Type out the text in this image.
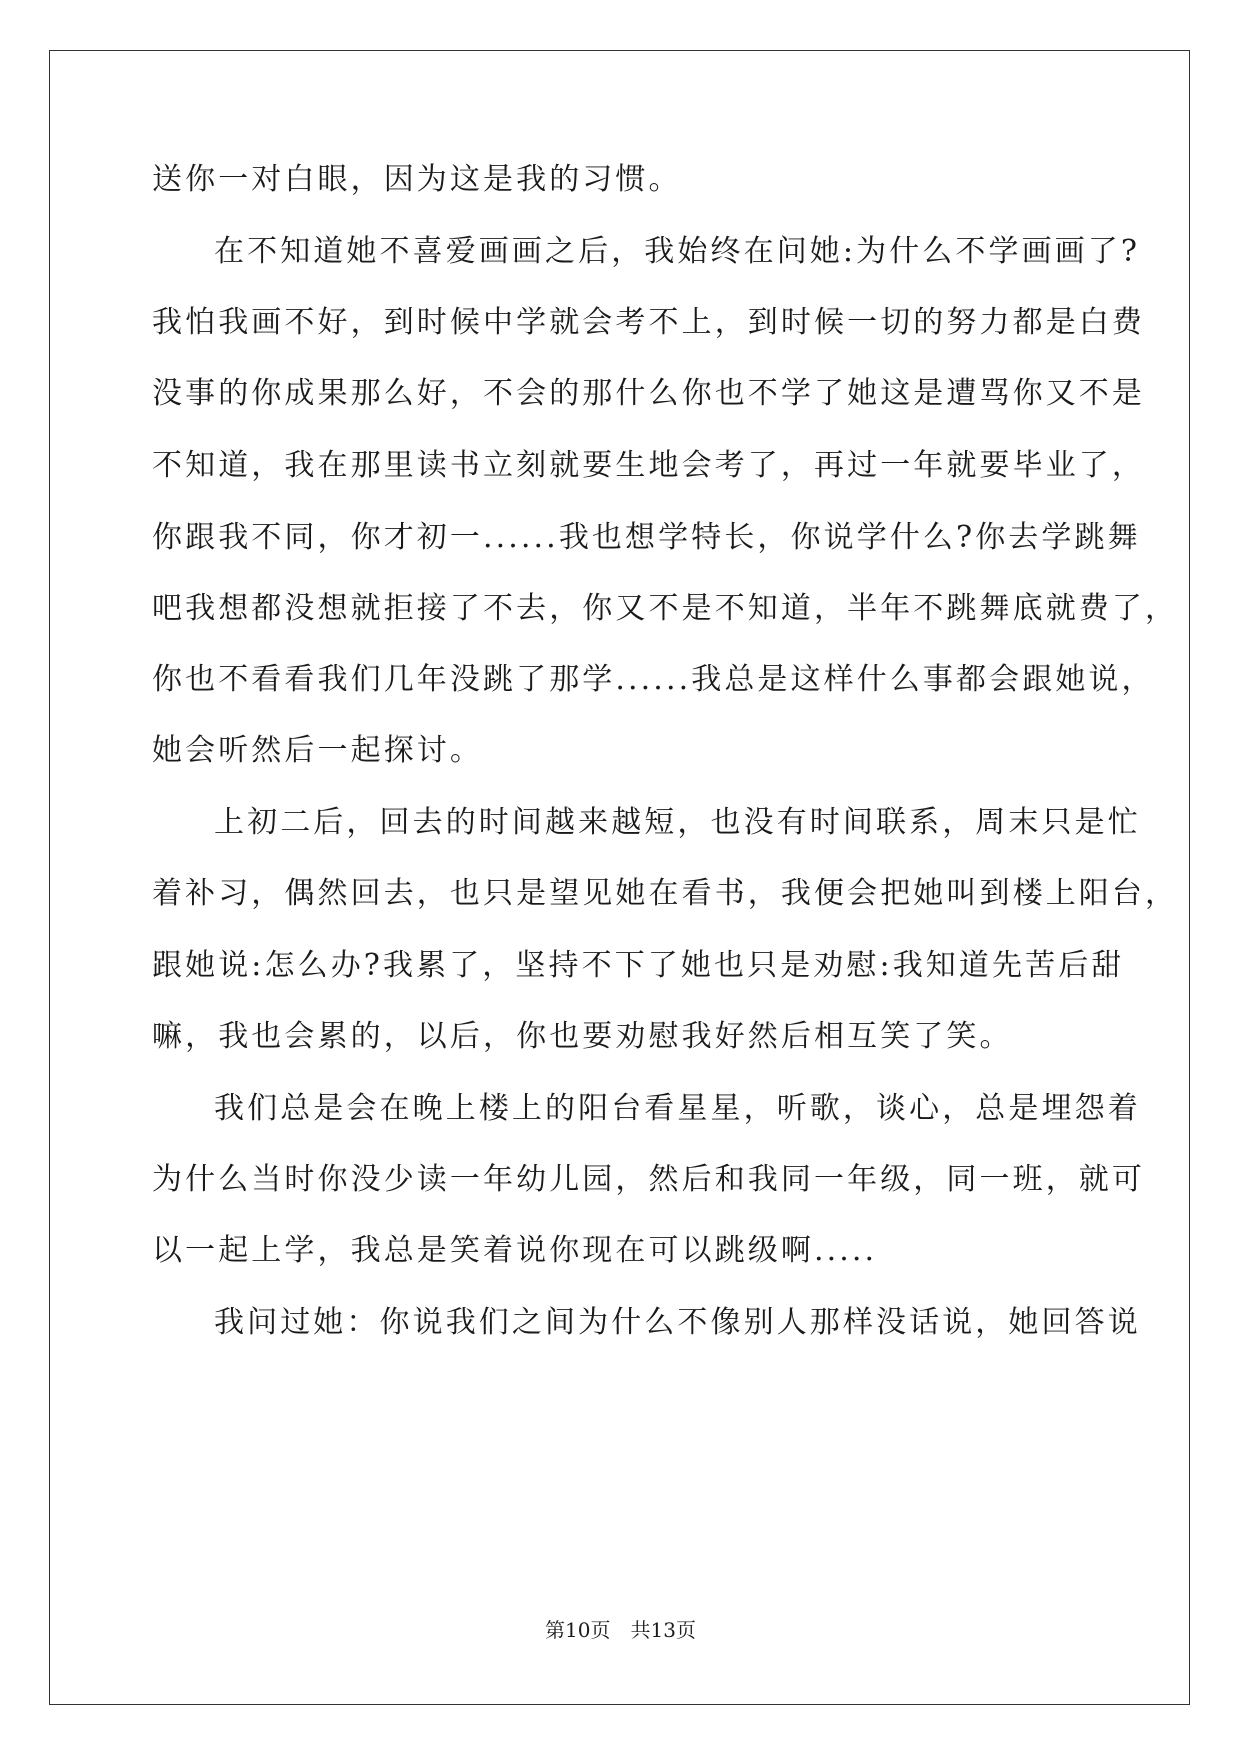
送你一对白眼，因为这是我的习惯。
在不知道她不喜爱画画之后，我始终在问她:为什么不学画画了?
我怕我画不好，到时候中学就会考不上，到时候一切的努力都是白费
没事的你成果那么好，不会的那什么你也不学了她这是遭骂你又不是
不知道，我在那里读书立刻就要生地会考了，再过一年就要毕业了，
你跟我不同，你才初一......我也想学特长，你说学什么?你去学跳舞
吧我想都没想就拒接了不去，你又不是不知道，半年不跳舞底就费了，
你也不看看我们几年没跳了那学......我总是这样什么事都会跟她说，
她会听然后一起探讨。
上初二后，回去的时间越来越短，也没有时间联系，周末只是忙
着补习，偶然回去，也只是望见她在看书，我便会把她叫到楼上阳台，
跟她说:怎么办?我累了，坚持不下了她也只是劝慰:我知道先苦后甜
嘛，我也会累的，以后，你也要劝慰我好然后相互笑了笑。
我们总是会在晚上楼上的阳台看星星，听歌，谈心，总是埋怨着
为什么当时你没少读一年幼儿园，然后和我同一年级，同一班，就可
以一起上学，我总是笑着说你现在可以跳级啊.....
我问过她：你说我们之间为什么不像别人那样没话说，她回答说
第10页　共13页
